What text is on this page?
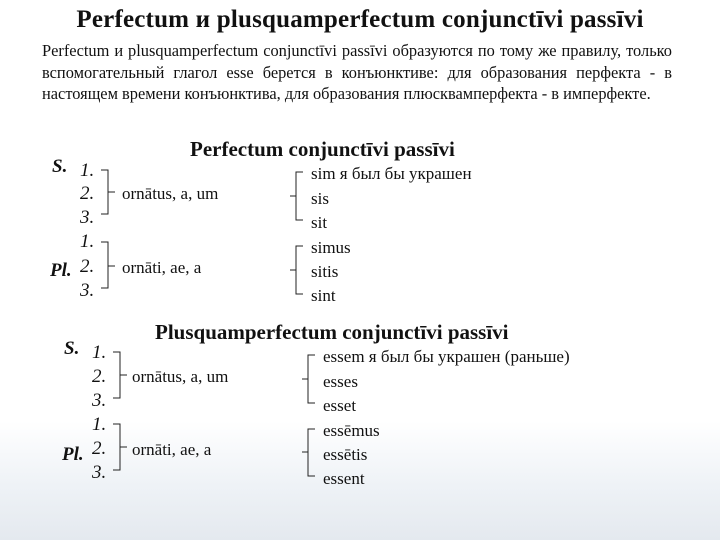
Perfectum и plusquamperfectum conjunctīvi passīvi
Perfectum и plusquamperfectum conjunctīvi passīvi образуются по тому же правилу, только вспомогательный глагол esse берется в конъюнктиве: для образования перфекта - в настоящем времени конъюнктива, для образования плюсквамперфекта - в имперфекте.
Perfectum conjunctīvi passīvi
S.
Pl.
1.
2.
3.
1.
2.
3.
ornātus, a, um
ornāti, ae, a
sim я был бы украшен
sis
sit
simus
sitis
sint
Plusquamperfectum conjunctīvi passīvi
S.
Pl.
1.
2.
3.
1.
2.
3.
ornātus, a, um
ornāti, ae, a
essem я был бы украшен (раньше)
esses
esset
essēmus
essētis
essent
